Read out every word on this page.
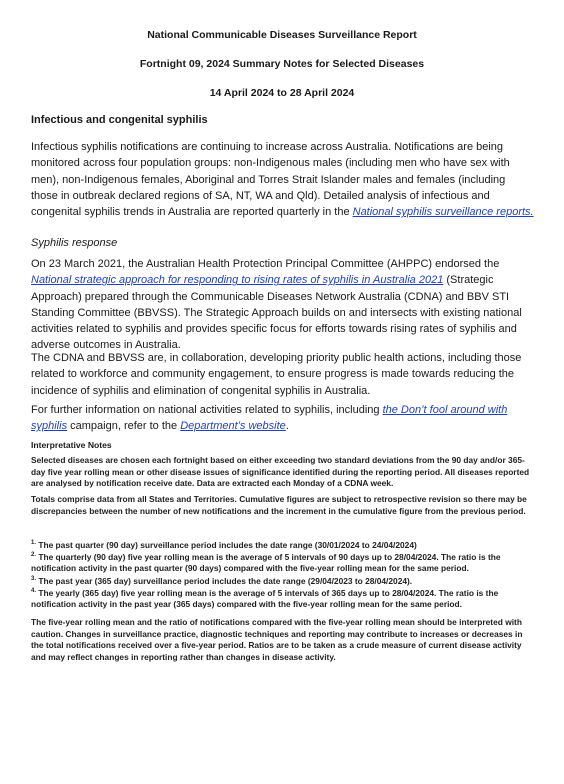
National Communicable Diseases Surveillance Report
Fortnight 09, 2024 Summary Notes for Selected Diseases
14 April 2024 to 28 April 2024
Infectious and congenital syphilis
Infectious syphilis notifications are continuing to increase across Australia. Notifications are being monitored across four population groups: non-Indigenous males (including men who have sex with men), non-Indigenous females, Aboriginal and Torres Strait Islander males and females (including those in outbreak declared regions of SA, NT, WA and Qld). Detailed analysis of infectious and congenital syphilis trends in Australia are reported quarterly in the National syphilis surveillance reports.
Syphilis response
On 23 March 2021, the Australian Health Protection Principal Committee (AHPPC) endorsed the National strategic approach for responding to rising rates of syphilis in Australia 2021 (Strategic Approach) prepared through the Communicable Diseases Network Australia (CDNA) and BBV STI Standing Committee (BBVSS). The Strategic Approach builds on and intersects with existing national activities related to syphilis and provides specific focus for efforts towards rising rates of syphilis and adverse outcomes in Australia.
The CDNA and BBVSS are, in collaboration, developing priority public health actions, including those related to workforce and community engagement, to ensure progress is made towards reducing the incidence of syphilis and elimination of congenital syphilis in Australia.
For further information on national activities related to syphilis, including the Don’t fool around with syphilis campaign, refer to the Department’s website.
Interpretative Notes
Selected diseases are chosen each fortnight based on either exceeding two standard deviations from the 90 day and/or 365-day five year rolling mean or other disease issues of significance identified during the reporting period. All diseases reported are analysed by notification receive date. Data are extracted each Monday of a CDNA week.
Totals comprise data from all States and Territories. Cumulative figures are subject to retrospective revision so there may be discrepancies between the number of new notifications and the increment in the cumulative figure from the previous period.
$^{1.}$ The past quarter (90 day) surveillance period includes the date range (30/01/2024 to 24/04/2024)
$^{2.}$ The quarterly (90 day) five year rolling mean is the average of 5 intervals of 90 days up to 28/04/2024. The ratio is the notification activity in the past quarter (90 days) compared with the five-year rolling mean for the same period.
$^{3.}$ The past year (365 day) surveillance period includes the date range (29/04/2023 to 28/04/2024).
$^{4.}$ The yearly (365 day) five year rolling mean is the average of 5 intervals of 365 days up to 28/04/2024. The ratio is the notification activity in the past year (365 days) compared with the five-year rolling mean for the same period.
The five-year rolling mean and the ratio of notifications compared with the five-year rolling mean should be interpreted with caution. Changes in surveillance practice, diagnostic techniques and reporting may contribute to increases or decreases in the total notifications received over a five-year period. Ratios are to be taken as a crude measure of current disease activity and may reflect changes in reporting rather than changes in disease activity.
